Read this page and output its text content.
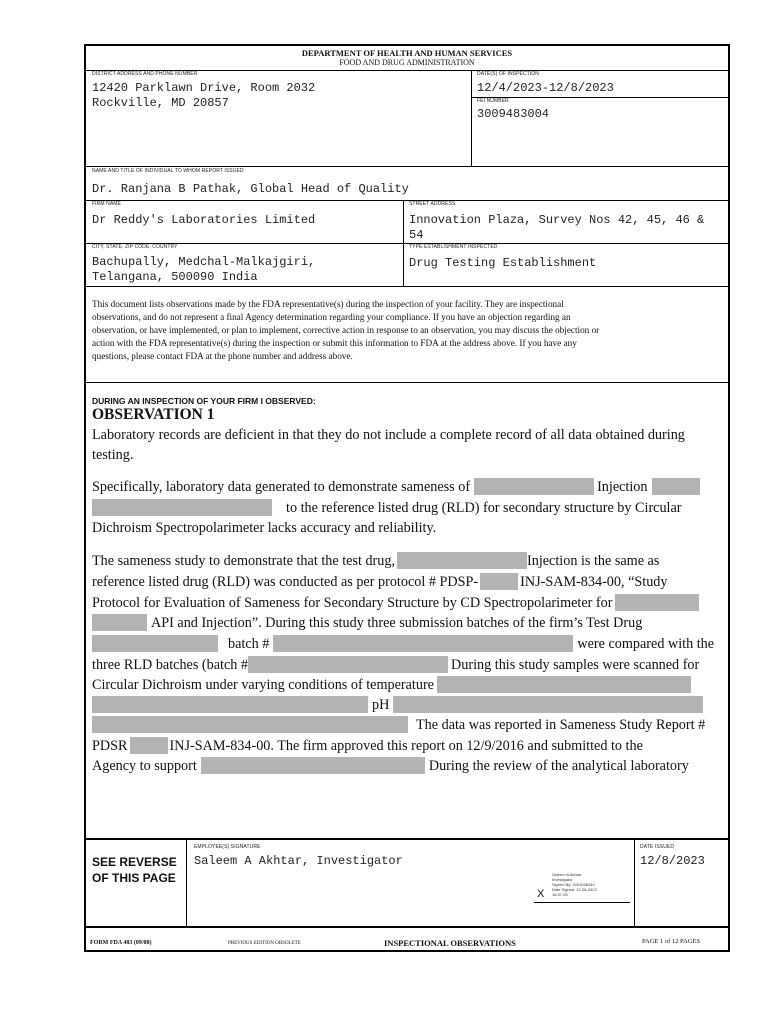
DEPARTMENT OF HEALTH AND HUMAN SERVICES
FOOD AND DRUG ADMINISTRATION
DISTRICT ADDRESS AND PHONE NUMBER
12420 Parklawn Drive, Room 2032
Rockville, MD 20857
DATE(S) OF INSPECTION
12/4/2023-12/8/2023
FEI NUMBER
3009483004
NAME AND TITLE OF INDIVIDUAL TO WHOM REPORT ISSUED
Dr. Ranjana B Pathak, Global Head of Quality
FIRM NAME
Dr Reddy's Laboratories Limited
STREET ADDRESS
Innovation Plaza, Survey Nos 42, 45, 46 &
54
CITY, STATE, ZIP CODE, COUNTRY
Bachupally, Medchal-Malkajgiri,
Telangana, 500090 India
TYPE ESTABLISHMENT INSPECTED
Drug Testing Establishment
This document lists observations made by the FDA representative(s) during the inspection of your facility. They are inspectional
observations, and do not represent a final Agency determination regarding your compliance. If you have an objection regarding an
observation, or have implemented, or plan to implement, corrective action in response to an observation, you may discuss the objection or
action with the FDA representative(s) during the inspection or submit this information to FDA at the address above. If you have any
questions, please contact FDA at the phone number and address above.
DURING AN INSPECTION OF YOUR FIRM I OBSERVED:
OBSERVATION 1
Laboratory records are deficient in that they do not include a complete record of all data obtained during
testing.
Specifically, laboratory data generated to demonstrate sameness of	Injection
to the reference listed drug (RLD) for secondary structure by Circular
Dichroism Spectropolarimeter lacks accuracy and reliability.
The sameness study to demonstrate that the test drug,	Injection is the same as
reference listed drug (RLD) was conducted as per protocol # PDSP-	INJ-SAM-834-00, “Study
Protocol for Evaluation of Sameness for Secondary Structure by CD Spectropolarimeter for
API and Injection”. During this study three submission batches of the firm’s Test Drug
batch #	were compared with the
three RLD batches (batch #	During this study samples were scanned for
Circular Dichroism under varying conditions of temperature
pH
The data was reported in Sameness Study Report #
PDSR	INJ-SAM-834-00. The firm approved this report on 12/9/2016 and submitted to the
Agency to support	During the review of the analytical laboratory
SEE REVERSE
OF THIS PAGE
EMPLOYEE(S) SIGNATURE
Saleem A Akhtar, Investigator
Saleem A Akhtar
Investigator
Signed By: 2001638440
Date Signed: 12-08-2023
16:37:28
X
DATE ISSUED
12/8/2023
FORM FDA 483 (09/08)	PREVIOUS EDITION OBSOLETE	INSPECTIONAL OBSERVATIONS	PAGE 1 of 12 PAGES
